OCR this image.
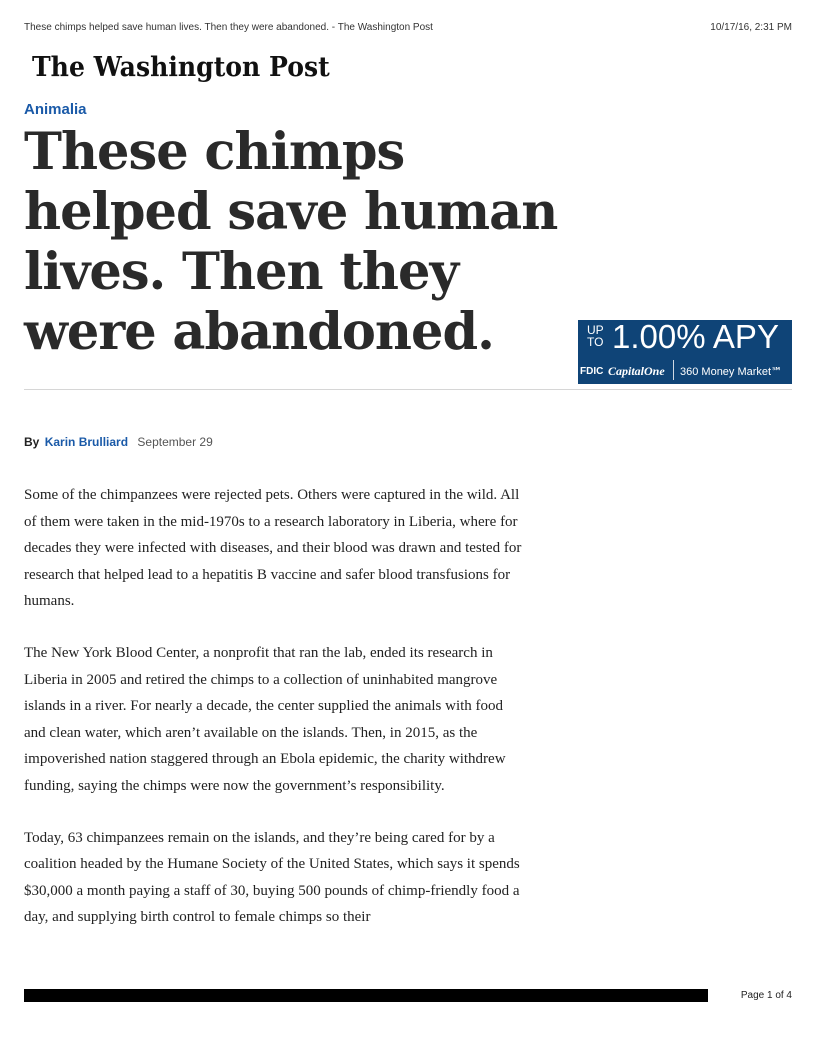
These chimps helped save human lives. Then they were abandoned. - The Washington Post	10/17/16, 2:31 PM
The Washington Post
Animalia
These chimps helped save human lives. Then they were abandoned.	UP
TO 1.00% APY
FDIC CapitalOne 360 Money Market℠
By Karin Brulliard September 29

Some of the chimpanzees were rejected pets. Others were captured in the wild. All of them were taken in the mid-1970s to a research laboratory in Liberia, where for decades they were infected with diseases, and their blood was drawn and tested for research that helped lead to a hepatitis B vaccine and safer blood transfusions for humans.

The New York Blood Center, a nonprofit that ran the lab, ended its research in Liberia in 2005 and retired the chimps to a collection of uninhabited mangrove islands in a river. For nearly a decade, the center supplied the animals with food and clean water, which aren’t available on the islands. Then, in 2015, as the impoverished nation staggered through an Ebola epidemic, the charity withdrew funding, saying the chimps were now the government’s responsibility.

Today, 63 chimpanzees remain on the islands, and they’re being cared for by a coalition headed by the Humane Society of the United States, which says it spends $30,000 a month paying a staff of 30, buying 500 pounds of chimp-friendly food a day, and supplying birth control to female chimps so their

Page 1 of 4
